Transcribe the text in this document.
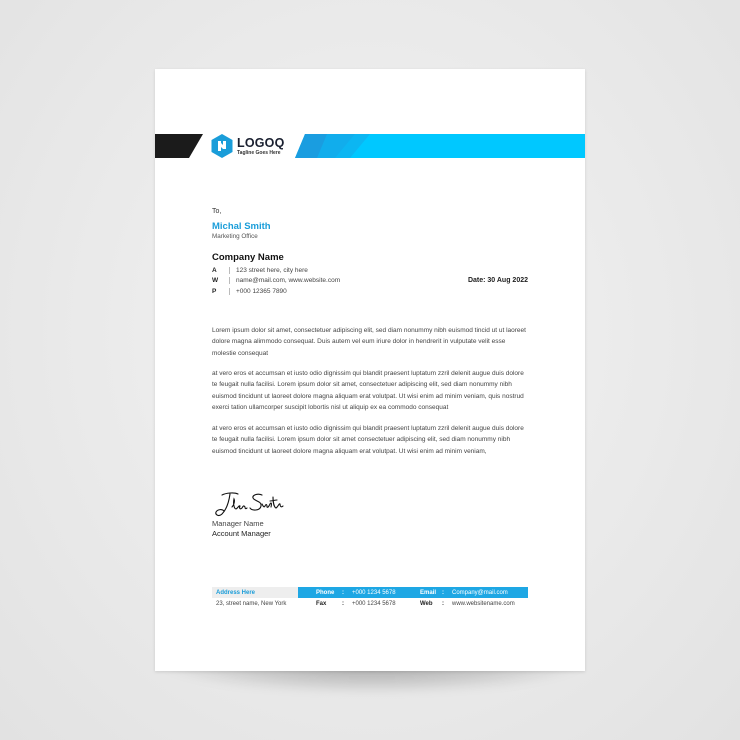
LOGOQ
Tagline Goes Here
To,
Michal Smith
Marketing Office
Company Name
A	123 street here, city here
W	name@mail.com, www.website.com
P	+000 12365 7890
Date: 30 Aug 2022
Lorem ipsum dolor sit amet, consectetuer adipiscing elit, sed diam nonummy nibh euismod tincid ut ut laoreet dolore magna alimmodo consequat. Duis autem vel eum iriure dolor in hendrerit in vulputate velit esse molestie consequat
at vero eros et accumsan et iusto odio dignissim qui blandit praesent luptatum zzril delenit augue duis dolore te feugait nulla facilisi. Lorem ipsum dolor sit amet, consectetuer adipiscing elit, sed diam nonummy nibh euismod tincidunt ut laoreet dolore magna aliquam erat volutpat. Ut wisi enim ad minim veniam, quis nostrud exerci tation ullamcorper suscipit lobortis nisl ut aliquip ex ea commodo consequat
at vero eros et accumsan et iusto odio dignissim qui blandit praesent luptatum zzril delenit augue duis dolore te feugait nulla facilisi. Lorem ipsum dolor sit amet consectetuer adipiscing elit, sed diam nonummy nibh euismod tincidunt ut laoreet dolore magna aliquam erat volutpat. Ut wisi enim ad minim veniam,
Manager Name
Account Manager
Address Here	Phone	:	+000 1234 5678	Email :	Company@mail.com
23, street name, New York	Fax	:	+000 1234 5678	Web	:	www.websitename.com
